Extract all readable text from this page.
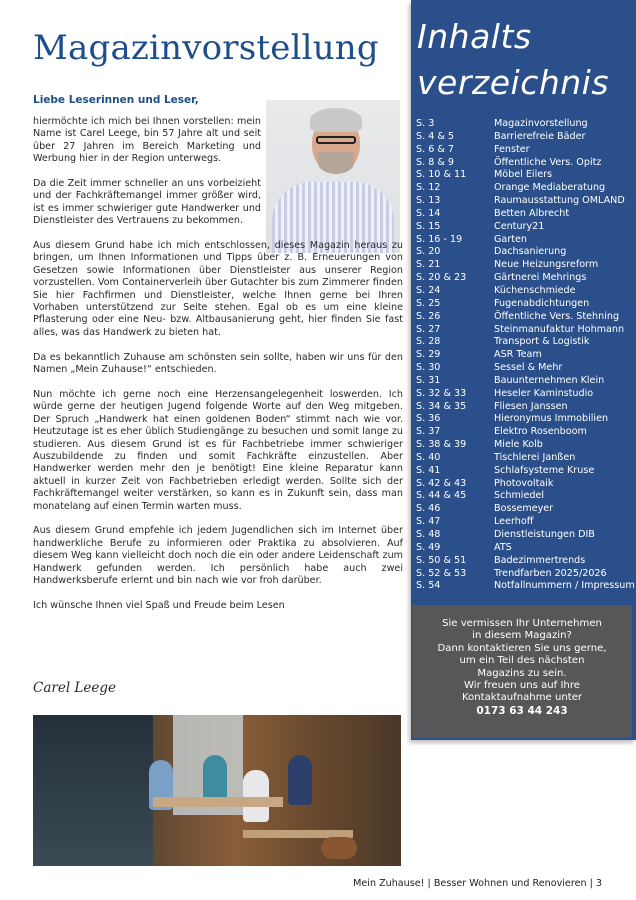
Magazinvorstellung
Liebe Leserinnen und Leser,

hiermöchte ich mich bei Ihnen vorstellen: mein Name ist Carel Leege, bin 57 Jahre alt und seit über 27 Jahren im Bereich Marketing und Werbung hier in der Region unterwegs.

Da die Zeit immer schneller an uns vorbeizieht und der Fachkräftemangel immer größer wird, ist es immer schwieriger gute Handwerker und Dienstleister des Vertrauens zu bekommen.

Aus diesem Grund habe ich mich entschlossen, dieses Magazin heraus zu bringen, um Ihnen Informationen und Tipps über z. B. Erneuerungen von Gesetzen sowie Informationen über Dienstleister aus unserer Region vorzustellen. Vom Containerverleih über Gutachter bis zum Zimmerer finden Sie hier Fachfirmen und Dienstleister, welche Ihnen gerne bei Ihren Vorhaben unterstützend zur Seite stehen. Egal ob es um eine kleine Pflasterung oder eine Neu- bzw. Altbausanierung geht, hier finden Sie fast alles, was das Handwerk zu bieten hat.

Da es bekanntlich Zuhause am schönsten sein sollte, haben wir uns für den Namen „Mein Zuhause!“ entschieden.

Nun möchte ich gerne noch eine Herzensangelegenheit loswerden. Ich würde gerne der heutigen Jugend folgende Worte auf den Weg mitgeben. Der Spruch „Handwerk hat einen goldenen Boden“ stimmt nach wie vor. Heutzutage ist es eher üblich Studiengänge zu besuchen und somit lange zu studieren. Aus diesem Grund ist es für Fachbetriebe immer schwieriger Auszubildende zu finden und somit Fachkräfte einzustellen. Aber Handwerker werden mehr den je benötigt! Eine kleine Reparatur kann aktuell in kurzer Zeit von Fachbetrieben erledigt werden. Sollte sich der Fachkräftemangel weiter verstärken, so kann es in Zukunft sein, dass man monatelang auf einen Termin warten muss.

Aus diesem Grund empfehle ich jedem Jugendlichen sich im Internet über handwerkliche Berufe zu informieren oder Praktika zu absolvieren. Auf diesem Weg kann vielleicht doch noch die ein oder andere Leidenschaft zum Handwerk gefunden werden. Ich persönlich habe auch zwei Handwerksberufe erlernt und bin nach wie vor froh darüber.

Ich wünsche Ihnen viel Spaß und Freude beim Lesen

Carel Leege
Inhalts
verzeichnis
S. 3	Magazinvorstellung
S. 4 & 5	Barrierefreie Bäder
S. 6 & 7	Fenster
S. 8 & 9	Öffentliche Vers. Opitz
S. 10 & 11	Möbel Eilers
S. 12	Orange Mediaberatung
S. 13	Raumausstattung OMLAND
S. 14	Betten Albrecht
S. 15	Century21
S. 16 - 19	Garten
S. 20	Dachsanierung
S. 21	Neue Heizungsreform
S. 20 & 23	Gärtnerei Mehrings
S. 24	Küchenschmiede
S. 25	Fugenabdichtungen
S. 26	Öffentliche Vers. Stehning
S. 27	Steinmanufaktur Hohmann
S. 28	Transport & Logistik
S. 29	ASR Team
S. 30	Sessel & Mehr
S. 31	Bauunternehmen Klein
S. 32 & 33	Heseler Kaminstudio
S. 34 & 35	Fliesen Janssen
S. 36	Hieronymus Immobilien
S. 37	Elektro Rosenboom
S. 38 & 39	Miele Kolb
S. 40	Tischlerei Janßen
S. 41	Schlafsysteme Kruse
S. 42 & 43	Photovoltaik
S. 44 & 45	Schmiedel
S. 46	Bossemeyer
S. 47	Leerhoff
S. 48	Dienstleistungen DIB
S. 49	ATS
S. 50 & 51	Badezimmertrends
S. 52 & 53	Trendfarben 2025/2026
S. 54	Notfallnummern / Impressum
Sie vermissen Ihr Unternehmen
in diesem Magazin?
Dann kontaktieren Sie uns gerne,
um ein Teil des nächsten
Magazins zu sein.
Wir freuen uns auf Ihre
Kontaktaufnahme unter
0173 63 44 243
Mein Zuhause! | Besser Wohnen und Renovieren | 3
